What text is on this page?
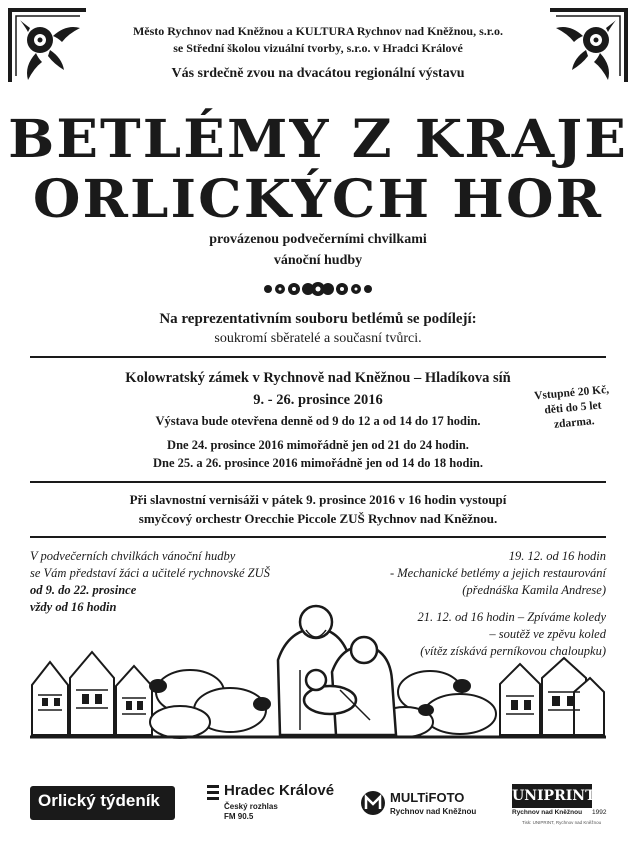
Město Rychnov nad Kněžnou a KULTURA Rychnov nad Kněžnou, s.r.o.
se Střední školou vizuální tvorby, s.r.o. v Hradci Králové
Vás srdečně zvou na dvacátou regionální výstavu
BETLÉMY Z KRAJE
ORLICKÝCH HOR
provázenou podvečerními chvilkami
vánoční hudby
Na reprezentativním souboru betlémů se podílejí:
soukromí sběratelé a současní tvůrci.
Kolowratský zámek v Rychnově nad Kněžnou – Hladíkova síň
9. - 26. prosince 2016
Výstava bude otevřena denně od 9 do 12 a od 14 do 17 hodin.
Dne 24. prosince 2016 mimořádně jen od 21 do 24 hodin.
Dne 25. a 26. prosince 2016 mimořádně jen od 14 do 18 hodin.
Vstupné 20 Kč,
děti do 5 let
zdarma.
Při slavnostní vernisáži v pátek 9. prosince 2016 v 16 hodin vystoupí
smyčcový orchestr Orecchie Piccole ZUŠ Rychnov nad Kněžnou.
V podvečerních chvilkách vánoční hudby
se Vám představí žáci a učitelé rychnovské ZUŠ
od 9. do 22. prosince
vždy od 16 hodin
19. 12. od 16 hodin
- Mechanické betlémy a jejich restaurování
(přednáška Kamila Andrese)
21. 12. od 16 hodin – Zpíváme koledy
– soutěž ve zpěvu koled
(vítěz získává perníkovou chaloupku)
Orlický týdeník
Hradec Králové
Český rozhlas
FM 90.5
MULTiFOTO
Rychnov nad Kněžnou
UNIPRINT
Rychnov nad Kněžnou 1992
Tisk: UNIPRINT, Rychnov nad Kněžnou
